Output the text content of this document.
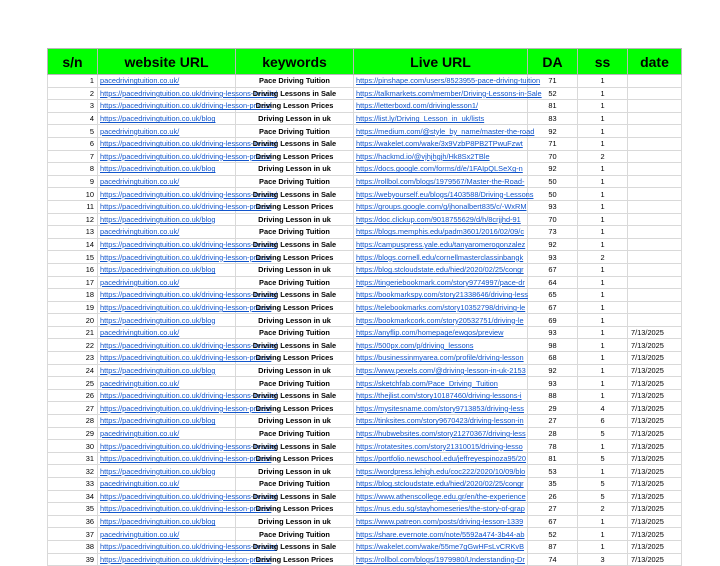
s/n	website URL	keywords	Live URL	DA	ss	date
1	pacedrivingtuition.co.uk/	Pace Driving Tuition	https://pinshape.com/users/8523955-pace-driving-tuition	71	1	
2	https://pacedrivingtuition.co.uk/driving-lessons-in-sale/	Driving Lessons in Sale	https://talkmarkets.com/member/Driving-Lessons-in-Sale	52	1	
3	https://pacedrivingtuition.co.uk/driving-lesson-prices/	Driving Lesson Prices	https://letterboxd.com/drivinglesson1/	81	1	
4	https://pacedrivingtuition.co.uk/blog	Driving Lesson in uk	https://list.ly/Driving_Lesson_in_uk/lists	83	1	
5	pacedrivingtuition.co.uk/	Pace Driving Tuition	https://medium.com/@style_by_name/master-the-road	92	1	
6	https://pacedrivingtuition.co.uk/driving-lessons-in-sale/	Driving Lessons in Sale	https://wakelet.com/wake/3x9VzbP8PB2TPwuFzwt	71	1	
7	https://pacedrivingtuition.co.uk/driving-lesson-prices/	Driving Lesson Prices	https://hackmd.io/@vjhjhgjh/Hk8Sx2TBle	70	2	
8	https://pacedrivingtuition.co.uk/blog	Driving Lesson in uk	https://docs.google.com/forms/d/e/1FAIpQLSeXg-n	92	1	
9	pacedrivingtuition.co.uk/	Pace Driving Tuition	https://rollbol.com/blogs/1979567/Master-the-Road-	50	1	
10	https://pacedrivingtuition.co.uk/driving-lessons-in-sale/	Driving Lessons in Sale	https://webyourself.eu/blogs/1403588/Driving-Lessons	50	1	
11	https://pacedrivingtuition.co.uk/driving-lesson-prices/	Driving Lesson Prices	https://groups.google.com/g/jhonalbert835/c/-WxRM	93	1	
12	https://pacedrivingtuition.co.uk/blog	Driving Lesson in uk	https://doc.clickup.com/9018755629/d/h/8crjjhd-91	70	1	
13	pacedrivingtuition.co.uk/	Pace Driving Tuition	https://blogs.memphis.edu/padm3601/2016/02/09/c	73	1	
14	https://pacedrivingtuition.co.uk/driving-lessons-in-sale/	Driving Lessons in Sale	https://campuspress.yale.edu/tanyaromerogonzalez	92	1	
15	https://pacedrivingtuition.co.uk/driving-lesson-prices/	Driving Lesson Prices	https://blogs.cornell.edu/cornellmasterclassinbangk	93	2	
16	https://pacedrivingtuition.co.uk/blog	Driving Lesson in uk	https://blog.stcloudstate.edu/hied/2020/02/25/congr	67	1	
17	pacedrivingtuition.co.uk/	Pace Driving Tuition	https://tingeriebookmark.com/story9774997/pace-dr	64	1	
18	https://pacedrivingtuition.co.uk/driving-lessons-in-sale/	Driving Lessons in Sale	https://bookmarkspy.com/story21338646/driving-less	65	1	
19	https://pacedrivingtuition.co.uk/driving-lesson-prices/	Driving Lesson Prices	https://telebookmarks.com/story10352798/driving-le	67	1	
20	https://pacedrivingtuition.co.uk/blog	Driving Lesson in uk	https://bookmarkcork.com/story20532751/driving-le	69	1	
21	pacedrivingtuition.co.uk/	Pace Driving Tuition	https://anyflip.com/homepage/ewqos/preview	93	1	7/13/2025
22	https://pacedrivingtuition.co.uk/driving-lessons-in-sale/	Driving Lessons in Sale	https://500px.com/p/driving_lessons	98	1	7/13/2025
23	https://pacedrivingtuition.co.uk/driving-lesson-prices/	Driving Lesson Prices	https://businessinmyarea.com/profile/driving-lesson	68	1	7/13/2025
24	https://pacedrivingtuition.co.uk/blog	Driving Lesson in uk	https://www.pexels.com/@driving-lesson-in-uk-2153	92	1	7/13/2025
25	pacedrivingtuition.co.uk/	Pace Driving Tuition	https://sketchfab.com/Pace_Driving_Tuition	93	1	7/13/2025
26	https://pacedrivingtuition.co.uk/driving-lessons-in-sale/	Driving Lessons in Sale	https://thejlist.com/story10187460/driving-lessons-i	88	1	7/13/2025
27	https://pacedrivingtuition.co.uk/driving-lesson-prices/	Driving Lesson Prices	https://mysitesname.com/story9713853/driving-less	29	4	7/13/2025
28	https://pacedrivingtuition.co.uk/blog	Driving Lesson in uk	https://tinksites.com/story9670423/driving-lesson-in	27	6	7/13/2025
29	pacedrivingtuition.co.uk/	Pace Driving Tuition	https://hubwebsites.com/story21270367/driving-less	28	5	7/13/2025
30	https://pacedrivingtuition.co.uk/driving-lessons-in-sale/	Driving Lessons in Sale	https://rotatesites.com/story21310015/driving-lesso	78	1	7/13/2025
31	https://pacedrivingtuition.co.uk/driving-lesson-prices/	Driving Lesson Prices	https://portfolio.newschool.edu/jeffreyespinoza95/20	81	5	7/13/2025
32	https://pacedrivingtuition.co.uk/blog	Driving Lesson in uk	https://wordpress.lehigh.edu/coc222/2020/10/09/blo	53	1	7/13/2025
33	pacedrivingtuition.co.uk/	Pace Driving Tuition	https://blog.stcloudstate.edu/hied/2020/02/25/congr	35	5	7/13/2025
34	https://pacedrivingtuition.co.uk/driving-lessons-in-sale/	Driving Lessons in Sale	https://www.athenscollege.edu.gr/en/the-experience	26	5	7/13/2025
35	https://pacedrivingtuition.co.uk/driving-lesson-prices/	Driving Lesson Prices	https://nus.edu.sg/stayhomeseries/the-story-of-grap	27	2	7/13/2025
36	https://pacedrivingtuition.co.uk/blog	Driving Lesson in uk	https://www.patreon.com/posts/driving-lesson-1339	67	1	7/13/2025
37	pacedrivingtuition.co.uk/	Pace Driving Tuition	https://share.evernote.com/note/5592a474-3b44-ab	52	1	7/13/2025
38	https://pacedrivingtuition.co.uk/driving-lessons-in-sale/	Driving Lessons in Sale	https://wakelet.com/wake/55me7gGwHFsLvCRKvB	87	1	7/13/2025
39	https://pacedrivingtuition.co.uk/driving-lesson-prices/	Driving Lesson Prices	https://rollbol.com/blogs/1979980/Understanding-Dr	74	3	7/13/2025
